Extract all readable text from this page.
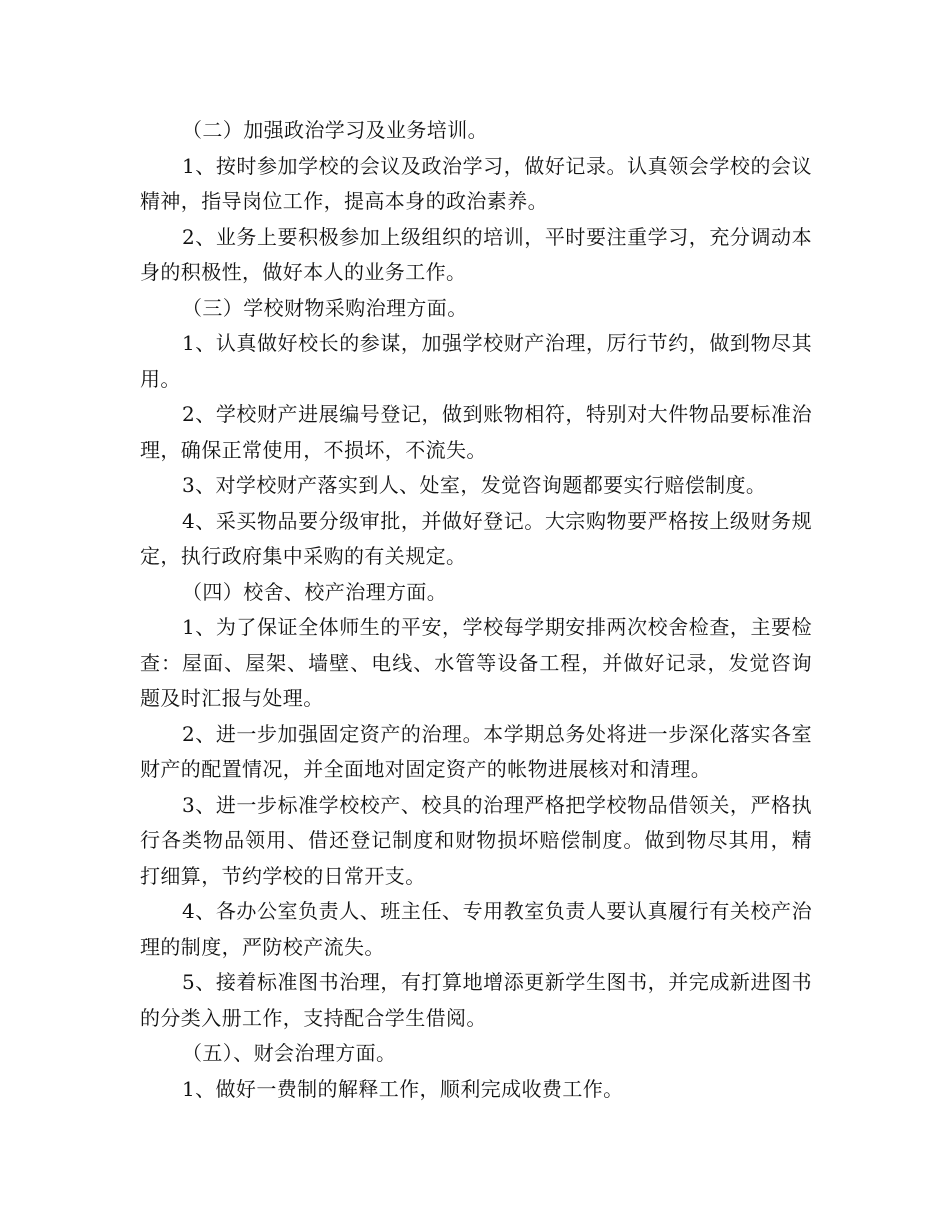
（二）加强政治学习及业务培训。

1、按时参加学校的会议及政治学习，做好记录。认真领会学校的会议精神，指导岗位工作，提高本身的政治素养。

2、业务上要积极参加上级组织的培训，平时要注重学习，充分调动本身的积极性，做好本人的业务工作。

（三）学校财物采购治理方面。

1、认真做好校长的参谋，加强学校财产治理，厉行节约，做到物尽其用。

2、学校财产进展编号登记，做到账物相符，特别对大件物品要标准治理，确保正常使用，不损坏，不流失。

3、对学校财产落实到人、处室，发觉咨询题都要实行赔偿制度。

4、采买物品要分级审批，并做好登记。大宗购物要严格按上级财务规定，执行政府集中采购的有关规定。

（四）校舍、校产治理方面。

1、为了保证全体师生的平安，学校每学期安排两次校舍检查，主要检查：屋面、屋架、墙壁、电线、水管等设备工程，并做好记录，发觉咨询题及时汇报与处理。

2、进一步加强固定资产的治理。本学期总务处将进一步深化落实各室财产的配置情况，并全面地对固定资产的帐物进展核对和清理。

3、进一步标准学校校产、校具的治理严格把学校物品借领关，严格执行各类物品领用、借还登记制度和财物损坏赔偿制度。做到物尽其用，精打细算，节约学校的日常开支。

4、各办公室负责人、班主任、专用教室负责人要认真履行有关校产治理的制度，严防校产流失。

5、接着标准图书治理，有打算地增添更新学生图书，并完成新进图书的分类入册工作，支持配合学生借阅。

（五）、财会治理方面。

1、做好一费制的解释工作，顺利完成收费工作。
